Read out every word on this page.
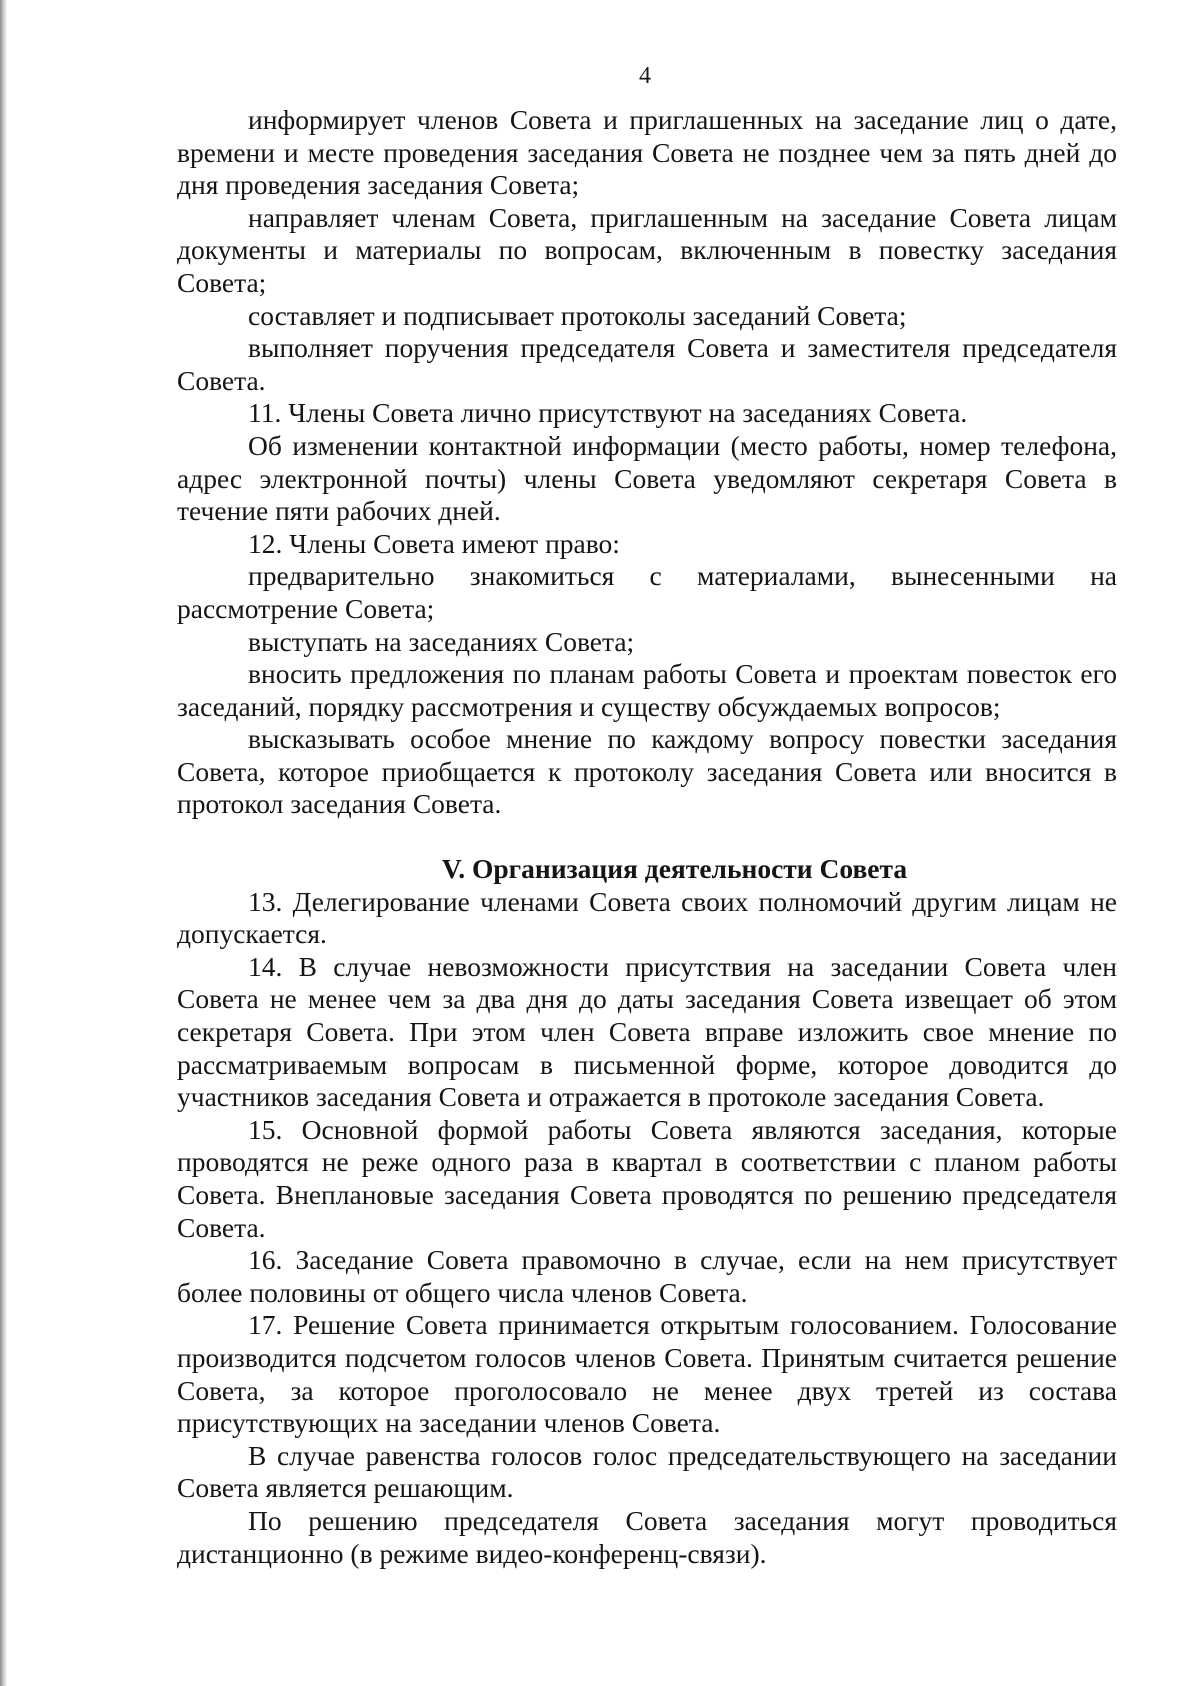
4

информирует членов Совета и приглашенных на заседание лиц о дате, времени и месте проведения заседания Совета не позднее чем за пять дней до дня проведения заседания Совета;

направляет членам Совета, приглашенным на заседание Совета лицам документы и материалы по вопросам, включенным в повестку заседания Совета;

составляет и подписывает протоколы заседаний Совета;

выполняет поручения председателя Совета и заместителя председателя Совета.

11. Члены Совета лично присутствуют на заседаниях Совета.

Об изменении контактной информации (место работы, номер телефона, адрес электронной почты) члены Совета уведомляют секретаря Совета в течение пяти рабочих дней.

12. Члены Совета имеют право:

предварительно знакомиться с материалами, вынесенными на рассмотрение Совета;

выступать на заседаниях Совета;

вносить предложения по планам работы Совета и проектам повесток его заседаний, порядку рассмотрения и существу обсуждаемых вопросов;

высказывать особое мнение по каждому вопросу повестки заседания Совета, которое приобщается к протоколу заседания Совета или вносится в протокол заседания Совета.

V. Организация деятельности Совета

13. Делегирование членами Совета своих полномочий другим лицам не допускается.

14. В случае невозможности присутствия на заседании Совета член Совета не менее чем за два дня до даты заседания Совета извещает об этом секретаря Совета. При этом член Совета вправе изложить свое мнение по рассматриваемым вопросам в письменной форме, которое доводится до участников заседания Совета и отражается в протоколе заседания Совета.

15. Основной формой работы Совета являются заседания, которые проводятся не реже одного раза в квартал в соответствии с планом работы Совета. Внеплановые заседания Совета проводятся по решению председателя Совета.

16. Заседание Совета правомочно в случае, если на нем присутствует более половины от общего числа членов Совета.

17. Решение Совета принимается открытым голосованием. Голосование производится подсчетом голосов членов Совета. Принятым считается решение Совета, за которое проголосовало не менее двух третей из состава присутствующих на заседании членов Совета.

В случае равенства голосов голос председательствующего на заседании Совета является решающим.

По решению председателя Совета заседания могут проводиться дистанционно (в режиме видео-конференц-связи).
